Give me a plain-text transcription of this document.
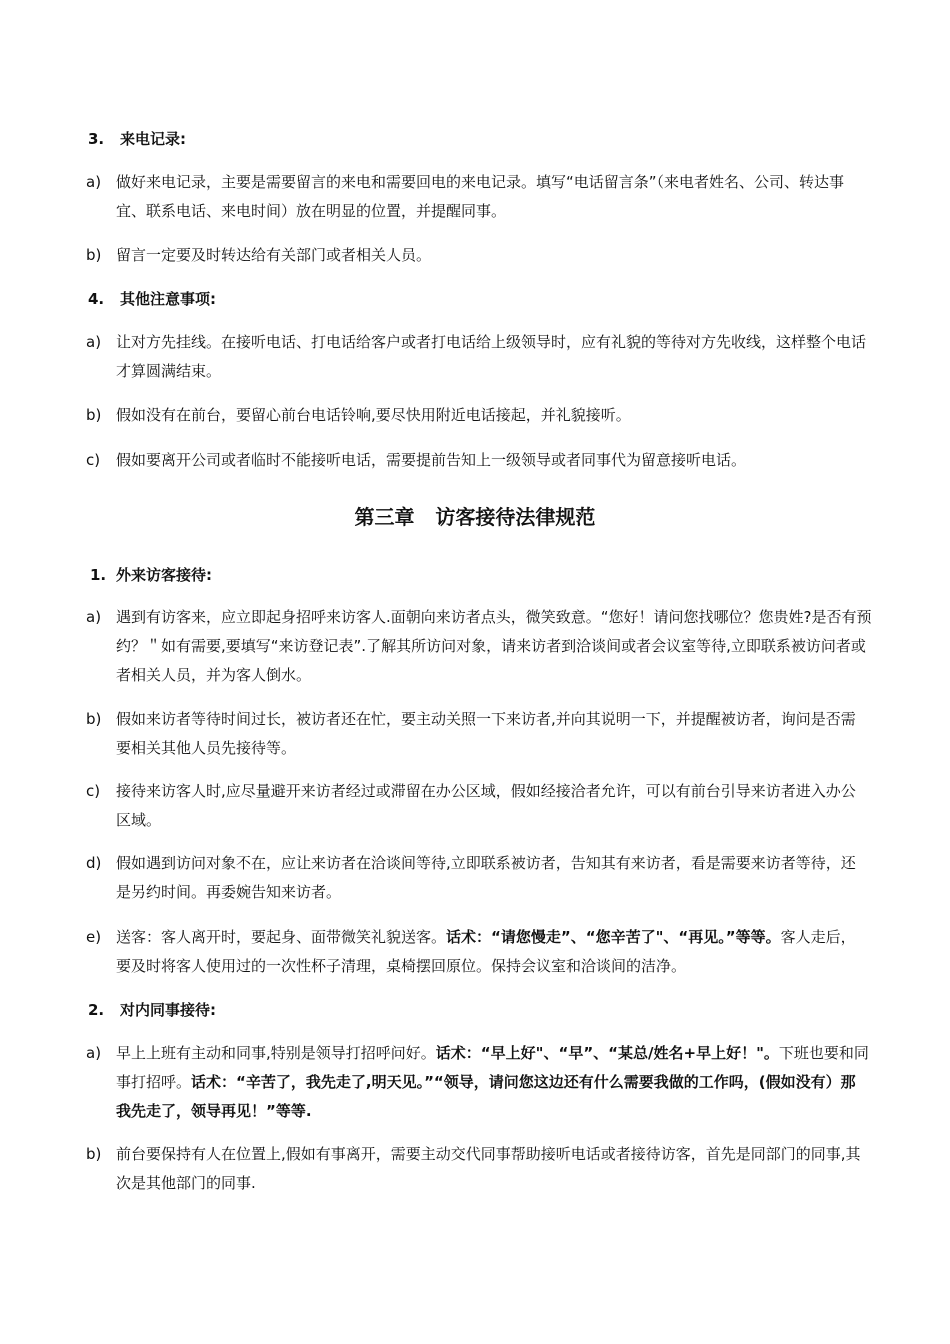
3. 来电记录:
a) 做好来电记录，主要是需要留言的来电和需要回电的来电记录。填写“电话留言条”（来电者姓名、公司、转达事宜、联系电话、来电时间）放在明显的位置，并提醒同事。
b) 留言一定要及时转达给有关部门或者相关人员。
4. 其他注意事项:
a) 让对方先挂线。在接听电话、打电话给客户或者打电话给上级领导时，应有礼貌的等待对方先收线，这样整个电话才算圆满结束。
b) 假如没有在前台，要留心前台电话铃响,要尽快用附近电话接起，并礼貌接听。
c)	假如要离开公司或者临时不能接听电话，需要提前告知上一级领导或者同事代为留意接听电话。
第三章   访客接待法律规范
1. 外来访客接待:
a) 遇到有访客来，应立即起身招呼来访客人.面朝向来访者点头，微笑致意。“您好！请问您找哪位？您贵姓?是否有预约？＂如有需要,要填写“来访登记表”.了解其所访问对象，请来访者到洽谈间或者会议室等待,立即联系被访问者或者相关人员，并为客人倒水。
b) 假如来访者等待时间过长，被访者还在忙，要主动关照一下来访者,并向其说明一下，并提醒被访者，询问是否需要相关其他人员先接待等。
c)	接待来访客人时,应尽量避开来访者经过或滞留在办公区域，假如经接洽者允许，可以有前台引导来访者进入办公区域。
d) 假如遇到访问对象不在，应让来访者在洽谈间等待,立即联系被访者，告知其有来访者，看是需要来访者等待，还是另约时间。再委婉告知来访者。
e) 送客：客人离开时，要起身、面带微笑礼貌送客。话术：“请您慢走”、“您辛苦了"、“再见。”等等。客人走后，要及时将客人使用过的一次性杯子清理，桌椅摆回原位。保持会议室和洽谈间的洁净。
2. 对内同事接待:
a) 早上上班有主动和同事,特别是领导打招呼问好。话术：“早上好"、“早”、“某总/姓名+早上好！"。下班也要和同事打招呼。话术：“辛苦了，我先走了,明天见。”“领导，请问您这边还有什么需要我做的工作吗，(假如没有）那我先走了，领导再见！”等等.
b) 前台要保持有人在位置上,假如有事离开，需要主动交代同事帮助接听电话或者接待访客，首先是同部门的同事,其次是其他部门的同事.
